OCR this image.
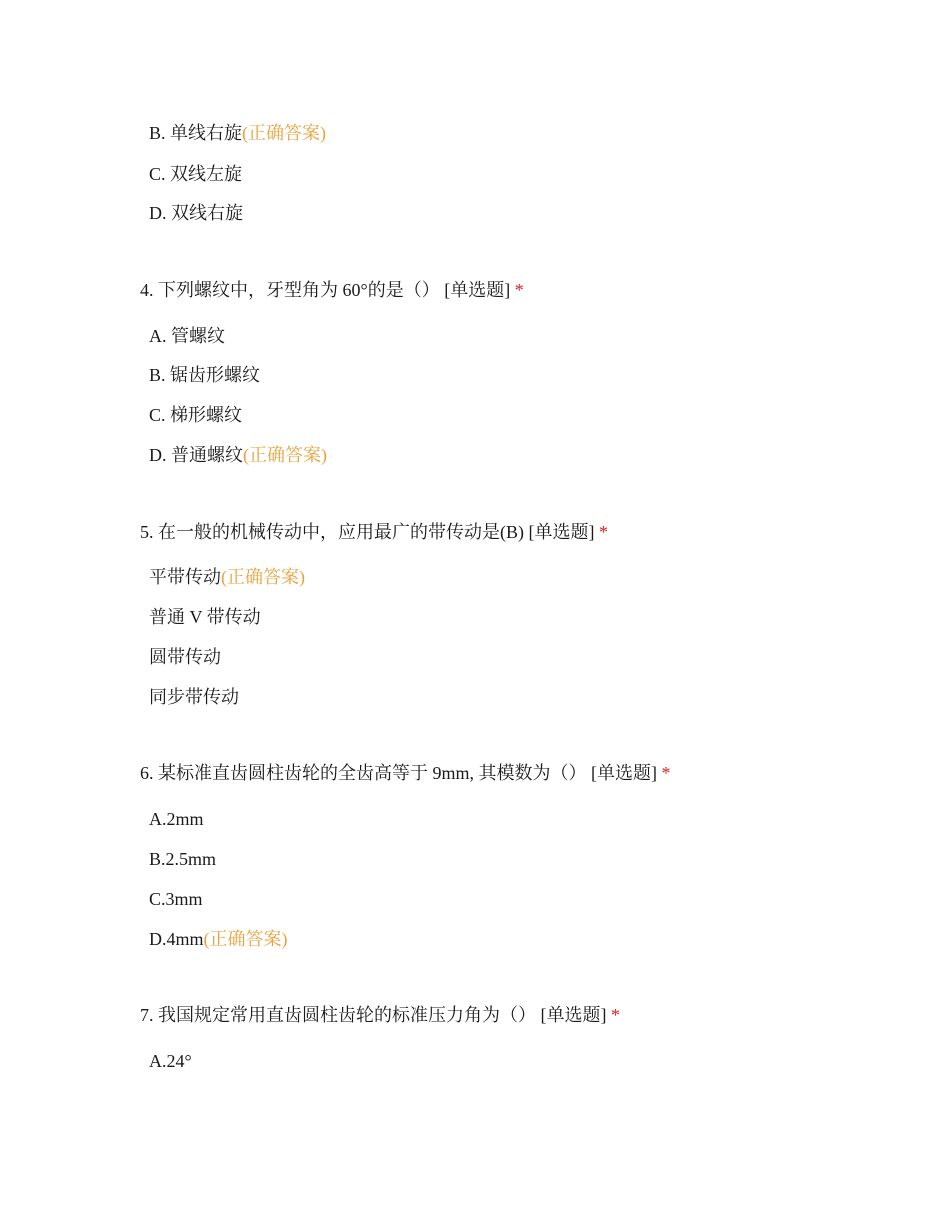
B. 单线右旋(正确答案)
C. 双线左旋
D. 双线右旋
4. 下列螺纹中，牙型角为 60°的是（） [单选题] *
A. 管螺纹
B. 锯齿形螺纹
C. 梯形螺纹
D. 普通螺纹(正确答案)
5. 在一般的机械传动中，应用最广的带传动是(B) [单选题] *
平带传动(正确答案)
普通 V 带传动
圆带传动
同步带传动
6. 某标准直齿圆柱齿轮的全齿高等于 9mm, 其模数为（） [单选题] *
A.2mm
B.2.5mm
C.3mm
D.4mm(正确答案)
7. 我国规定常用直齿圆柱齿轮的标准压力角为（） [单选题] *
A.24°
